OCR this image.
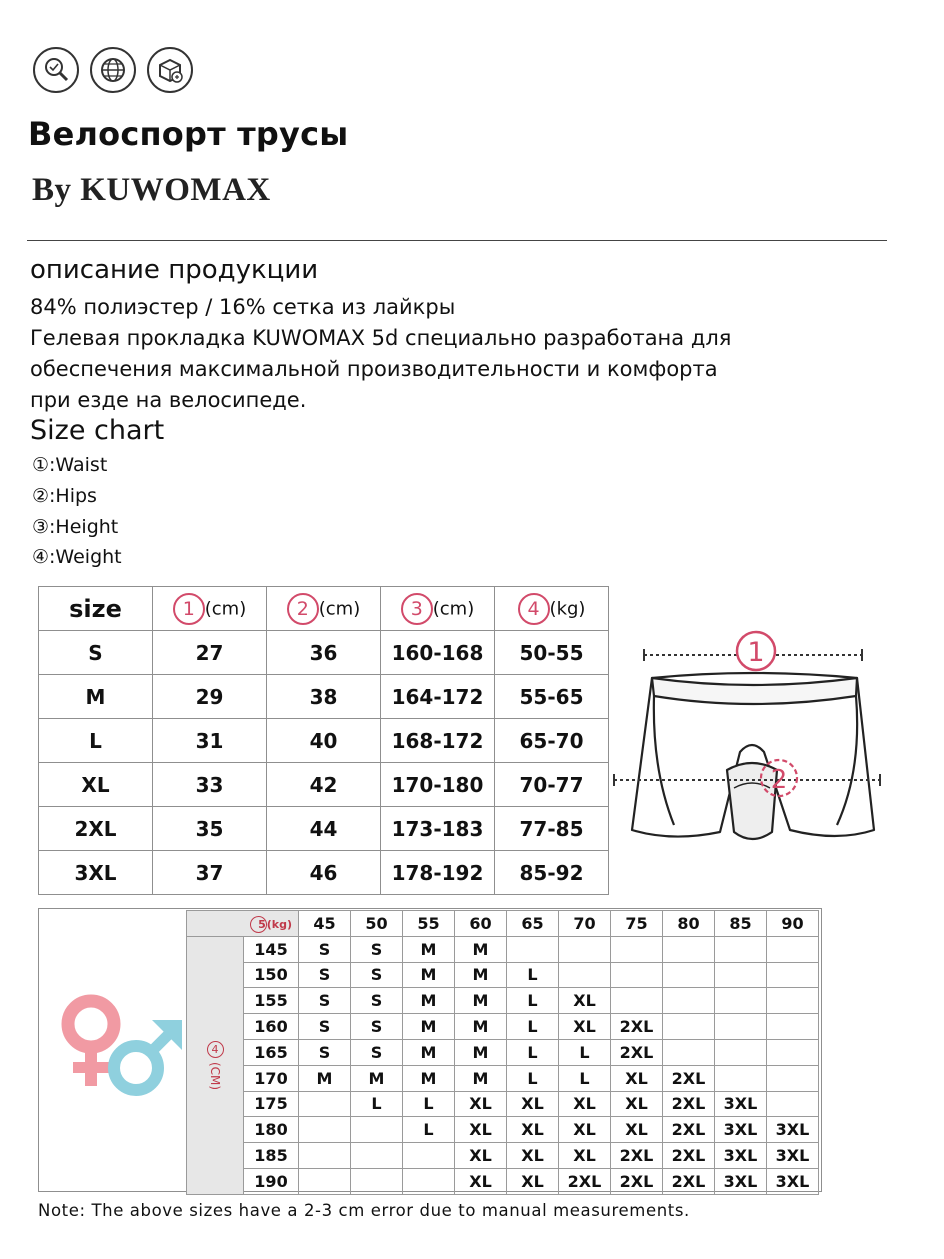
Велоспорт трусы
By KUWOMAX
описание продукции
84% полиэстер / 16% сетка из лайкры
Гелевая прокладка KUWOMAX 5d специально разработана для
обеспечения максимальной производительности и комфорта
при езде на велосипеде.
Size chart
①:Waist
②:Hips
③:Height
④:Weight
size	1 (cm)	2 (cm)	3 (cm)	4 (kg)
S	27	36	160-168	50-55
M	29	38	164-172	55-65
L	31	40	168-172	65-70
XL	33	42	170-180	70-77
2XL	35	44	173-183	77-85
3XL	37	46	178-192	85-92
1
2
5(kg)		45	50	55	60	65	70	75	80	85	90

4
(CM)	145	S	S	M	M						
	150	S	S	M	M	L					
	155	S	S	M	M	L	XL				
	160	S	S	M	M	L	XL	2XL			
	165	S	S	M	M	L	L	2XL			
	170	M	M	M	M	L	L	XL	2XL		
	175		L	L	XL	XL	XL	XL	2XL	3XL	
	180			L	XL	XL	XL	XL	2XL	3XL	3XL
	185				XL	XL	XL	2XL	2XL	3XL	3XL
	190				XL	XL	2XL	2XL	2XL	3XL	3XL
Note: The above sizes have a 2-3 cm error due to manual measurements.
